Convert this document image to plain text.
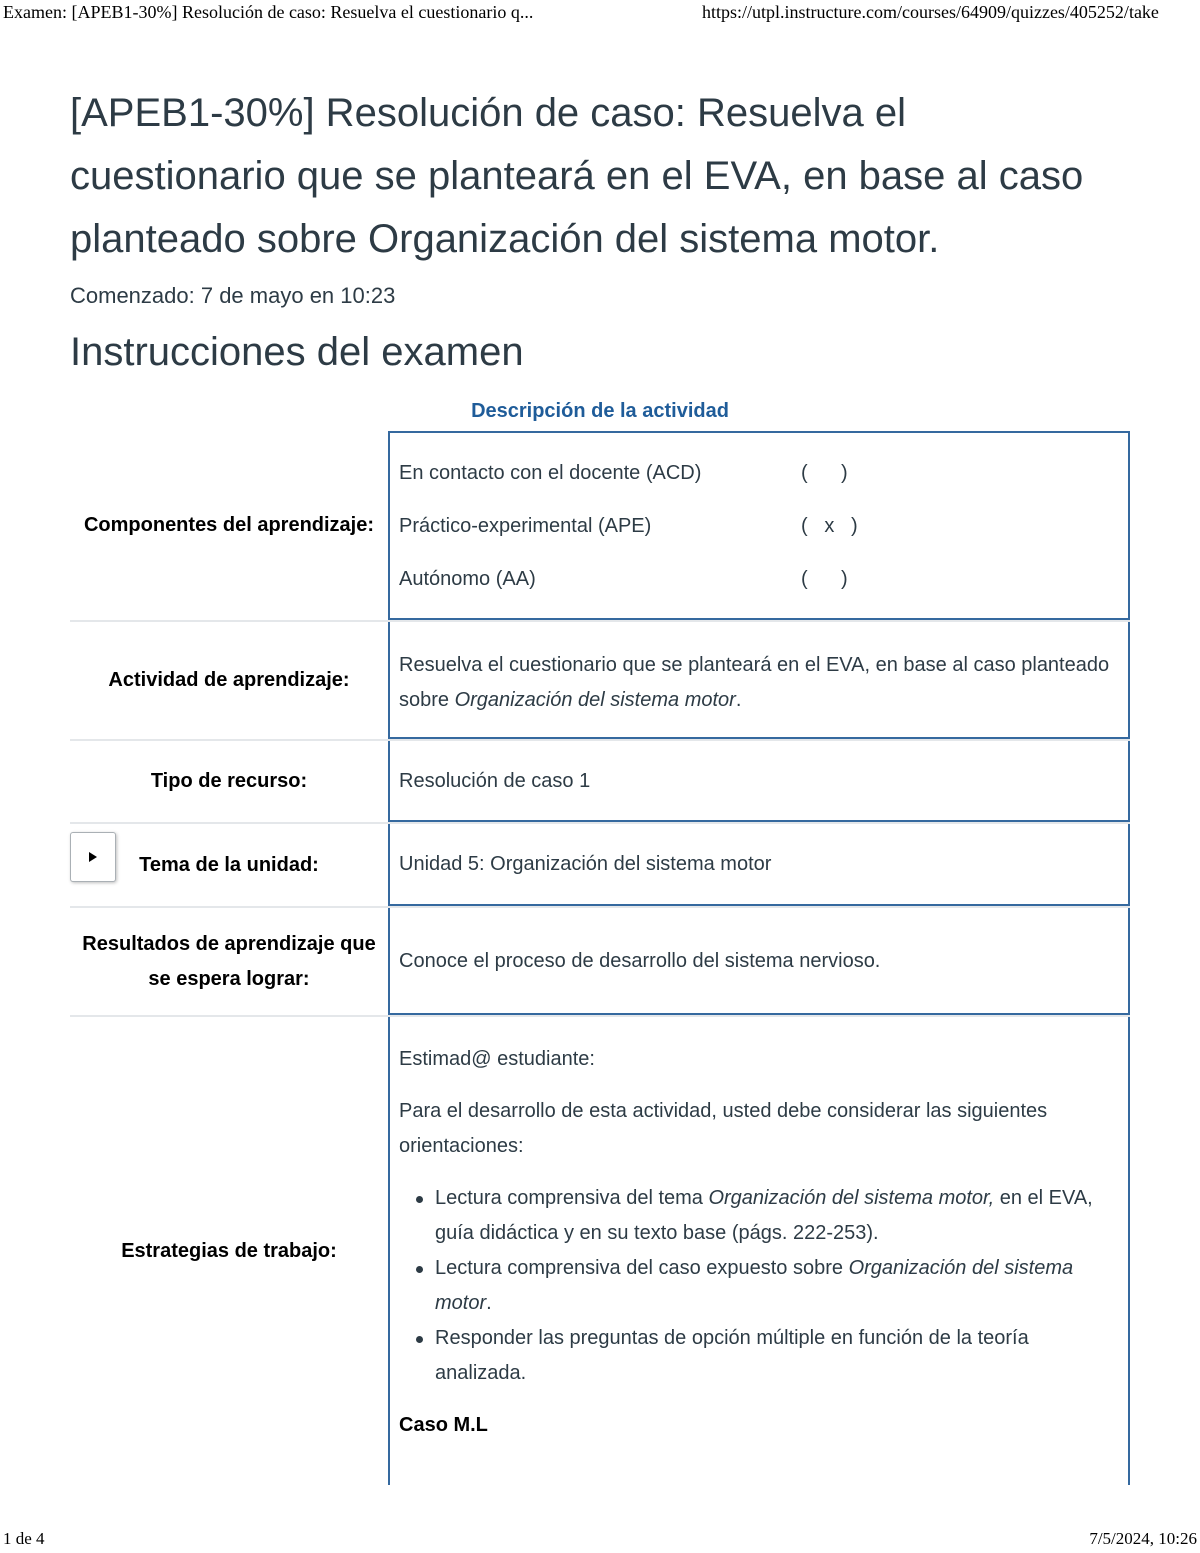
Examen: [APEB1-30%] Resolución de caso: Resuelva el cuestionario q...	https://utpl.instructure.com/courses/64909/quizzes/405252/take
[APEB1-30%] Resolución de caso: Resuelva el cuestionario que se planteará en el EVA, en base al caso planteado sobre Organización del sistema motor.
Comenzado: 7 de mayo en 10:23
Instrucciones del examen
Descripción de la actividad
Componentes del aprendizaje:
En contacto con el docente (ACD)	(      )
Práctico-experimental (APE)	(   x   )
Autónomo (AA)	(      )
Actividad de aprendizaje:
Resuelva el cuestionario que se planteará en el EVA, en base al caso planteado sobre Organización del sistema motor.
Tipo de recurso:	Resolución de caso 1
Tema de la unidad:	Unidad 5: Organización del sistema motor
Resultados de aprendizaje que se espera lograr:
Conoce el proceso de desarrollo del sistema nervioso.
Estrategias de trabajo:

Estimad@ estudiante:

Para el desarrollo de esta actividad, usted debe considerar las siguientes orientaciones:

Lectura comprensiva del tema Organización del sistema motor, en el EVA, guía didáctica y en su texto base (págs. 222-253).
Lectura comprensiva del caso expuesto sobre Organización del sistema motor.
Responder las preguntas de opción múltiple en función de la teoría analizada.

Caso M.L

1 de 4	7/5/2024, 10:26
